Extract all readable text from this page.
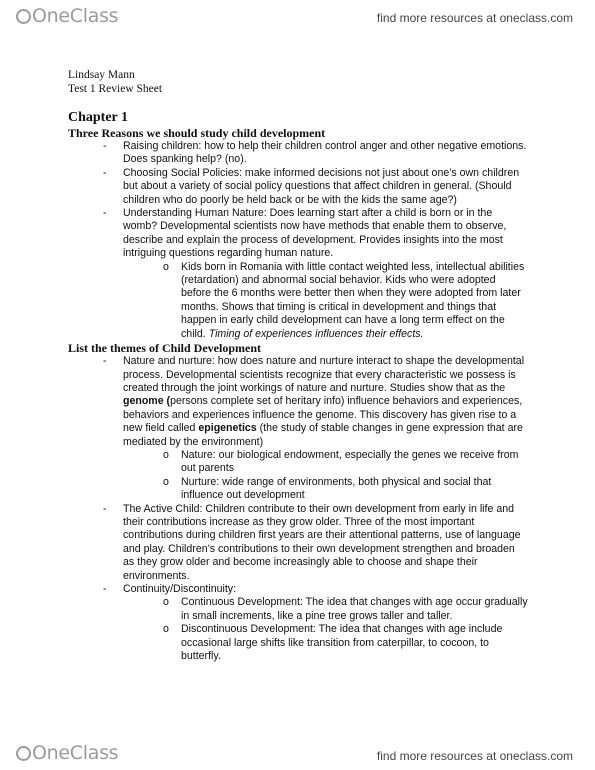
OneClass	find more resources at oneclass.com
Lindsay Mann
Test 1 Review Sheet
Chapter 1
Three Reasons we should study child development
- Raising children: how to help their children control anger and other negative emotions. Does spanking help? (no).
- Choosing Social Policies: make informed decisions not just about one’s own children but about a variety of social policy questions that affect children in general. (Should children who do poorly be held back or be with the kids the same age?)
- Understanding Human Nature: Does learning start after a child is born or in the womb? Developmental scientists now have methods that enable them to observe, describe and explain the process of development. Provides insights into the most intriguing questions regarding human nature.
o Kids born in Romania with little contact weighted less, intellectual abilities (retardation) and abnormal social behavior. Kids who were adopted before the 6 months were better then when they were adopted from later months. Shows that timing is critical in development and things that happen in early child development can have a long term effect on the child. Timing of experiences influences their effects.
List the themes of Child Development
- Nature and nurture: how does nature and nurture interact to shape the developmental process. Developmental scientists recognize that every characteristic we possess is created through the joint workings of nature and nurture. Studies show that as the genome (persons complete set of heritary info) influence behaviors and experiences, behaviors and experiences influence the genome. This discovery has given rise to a new field called epigenetics (the study of stable changes in gene expression that are mediated by the environment)
o Nature: our biological endowment, especially the genes we receive from out parents
o Nurture: wide range of environments, both physical and social that influence out development
- The Active Child: Children contribute to their own development from early in life and their contributions increase as they grow older. Three of the most important contributions during children first years are their attentional patterns, use of language and play. Children’s contributions to their own development strengthen and broaden as they grow older and become increasingly able to choose and shape their environments.
- Continuity/Discontinuity:
o Continuous Development: The idea that changes with age occur gradually in small increments, like a pine tree grows taller and taller.
o Discontinuous Development: The idea that changes with age include occasional large shifts like transition from caterpillar, to cocoon, to butterfly.
OneClass	find more resources at oneclass.com
